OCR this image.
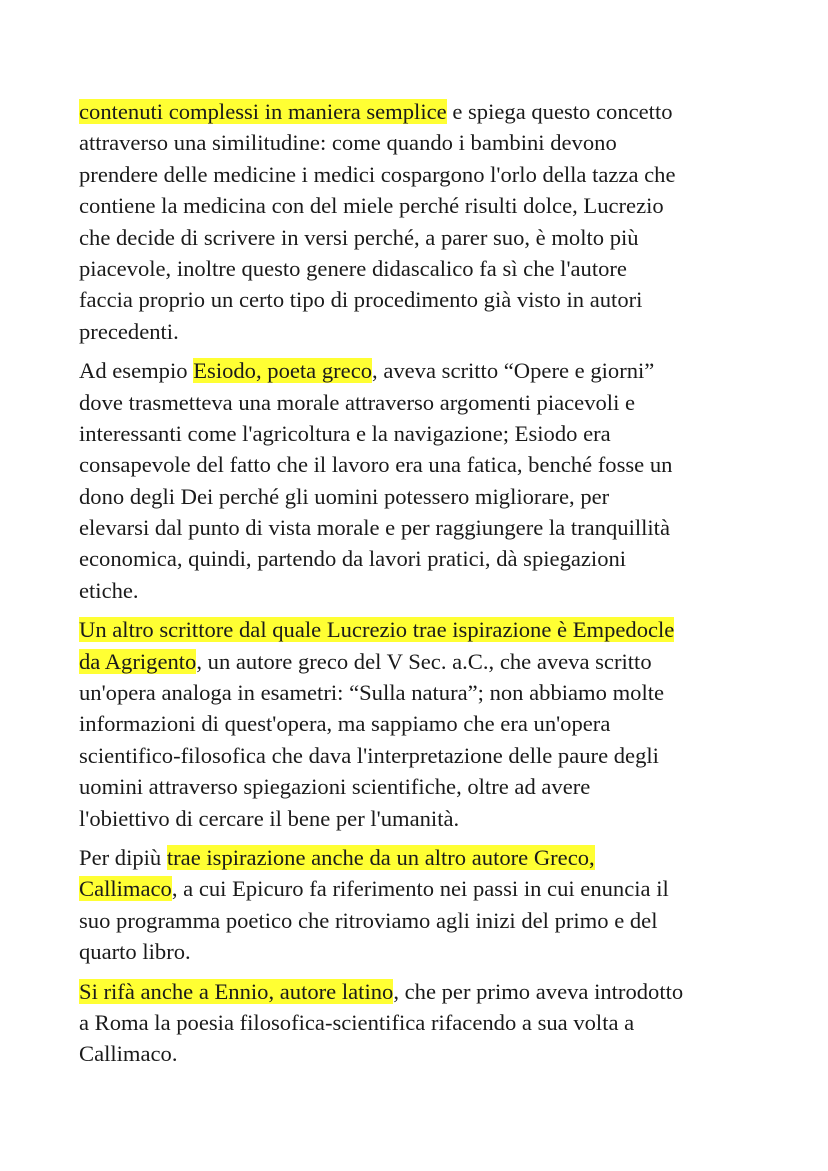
contenuti complessi in maniera semplice e spiega questo concetto
attraverso una similitudine: come quando i bambini devono
prendere delle medicine i medici cospargono l'orlo della tazza che
contiene la medicina con del miele perché risulti dolce, Lucrezio
che decide di scrivere in versi perché, a parer suo, è molto più
piacevole, inoltre questo genere didascalico fa sì che l'autore
faccia proprio un certo tipo di procedimento già visto in autori
precedenti.

Ad esempio Esiodo, poeta greco, aveva scritto “Opere e giorni”
dove trasmetteva una morale attraverso argomenti piacevoli e
interessanti come l'agricoltura e la navigazione; Esiodo era
consapevole del fatto che il lavoro era una fatica, benché fosse un
dono degli Dei perché gli uomini potessero migliorare, per
elevarsi dal punto di vista morale e per raggiungere la tranquillità
economica, quindi, partendo da lavori pratici, dà spiegazioni
etiche.

Un altro scrittore dal quale Lucrezio trae ispirazione è Empedocle
da Agrigento, un autore greco del V Sec. a.C., che aveva scritto
un'opera analoga in esametri: “Sulla natura”; non abbiamo molte
informazioni di quest'opera, ma sappiamo che era un'opera
scientifico-filosofica che dava l'interpretazione delle paure degli
uomini attraverso spiegazioni scientifiche, oltre ad avere
l'obiettivo di cercare il bene per l'umanità.

Per dipiù trae ispirazione anche da un altro autore Greco,
Callimaco, a cui Epicuro fa riferimento nei passi in cui enuncia il
suo programma poetico che ritroviamo agli inizi del primo e del
quarto libro.

Si rifà anche a Ennio, autore latino, che per primo aveva introdotto
a Roma la poesia filosofica-scientifica rifacendo a sua volta a
Callimaco.
